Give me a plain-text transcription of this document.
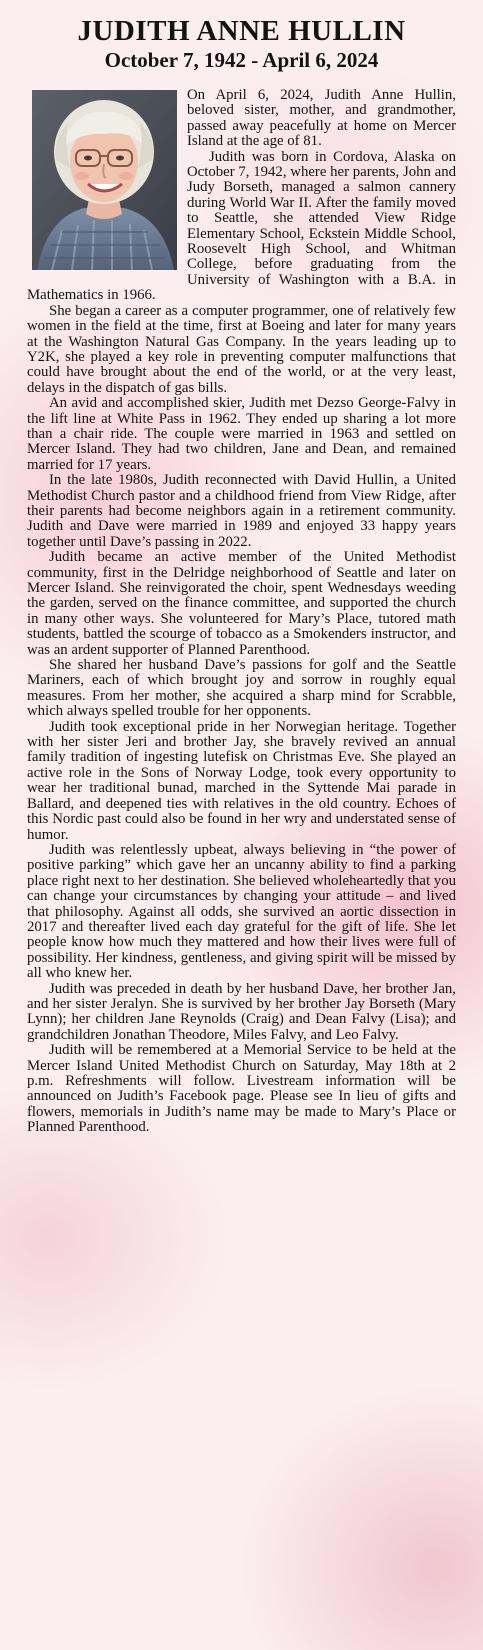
JUDITH ANNE HULLIN

October 7, 1942 - April 6, 2024

On April 6, 2024, Judith Anne Hullin, beloved sister, mother, and grandmother, passed away peacefully at home on Mercer Island at the age of 81.

Judith was born in Cordova, Alaska on October 7, 1942, where her parents, John and Judy Borseth, managed a salmon cannery during World War II. After the family moved to Seattle, she attended View Ridge Elementary School, Eckstein Middle School, Roosevelt High School, and Whitman College, before graduating from the University of Washington with a B.A. in Mathematics in 1966.

She began a career as a computer programmer, one of relatively few women in the field at the time, first at Boeing and later for many years at the Washington Natural Gas Company. In the years leading up to Y2K, she played a key role in preventing computer malfunctions that could have brought about the end of the world, or at the very least, delays in the dispatch of gas bills.

An avid and accomplished skier, Judith met Dezso George-Falvy in the lift line at White Pass in 1962. They ended up sharing a lot more than a chair ride. The couple were married in 1963 and settled on Mercer Island. They had two children, Jane and Dean, and remained married for 17 years.

In the late 1980s, Judith reconnected with David Hullin, a United Methodist Church pastor and a childhood friend from View Ridge, after their parents had become neighbors again in a retirement community. Judith and Dave were married in 1989 and enjoyed 33 happy years together until Dave’s passing in 2022.

Judith became an active member of the United Methodist community, first in the Delridge neighborhood of Seattle and later on Mercer Island. She reinvigorated the choir, spent Wednesdays weeding the garden, served on the finance committee, and supported the church in many other ways. She volunteered for Mary’s Place, tutored math students, battled the scourge of tobacco as a Smokenders instructor, and was an ardent supporter of Planned Parenthood.

She shared her husband Dave’s passions for golf and the Seattle Mariners, each of which brought joy and sorrow in roughly equal measures. From her mother, she acquired a sharp mind for Scrabble, which always spelled trouble for her opponents.

Judith took exceptional pride in her Norwegian heritage. Together with her sister Jeri and brother Jay, she bravely revived an annual family tradition of ingesting lutefisk on Christmas Eve. She played an active role in the Sons of Norway Lodge, took every opportunity to wear her traditional bunad, marched in the Syttende Mai parade in Ballard, and deepened ties with relatives in the old country. Echoes of this Nordic past could also be found in her wry and understated sense of humor.

Judith was relentlessly upbeat, always believing in “the power of positive parking” which gave her an uncanny ability to find a parking place right next to her destination. She believed wholeheartedly that you can change your circumstances by changing your attitude – and lived that philosophy. Against all odds, she survived an aortic dissection in 2017 and thereafter lived each day grateful for the gift of life. She let people know how much they mattered and how their lives were full of possibility. Her kindness, gentleness, and giving spirit will be missed by all who knew her.

Judith was preceded in death by her husband Dave, her brother Jan, and her sister Jeralyn. She is survived by her brother Jay Borseth (Mary Lynn); her children Jane Reynolds (Craig) and Dean Falvy (Lisa); and grandchildren Jonathan Theodore, Miles Falvy, and Leo Falvy.

Judith will be remembered at a Memorial Service to be held at the Mercer Island United Methodist Church on Saturday, May 18th at 2 p.m. Refreshments will follow. Livestream information will be announced on Judith’s Facebook page. Please see In lieu of gifts and flowers, memorials in Judith’s name may be made to Mary’s Place or Planned Parenthood.
